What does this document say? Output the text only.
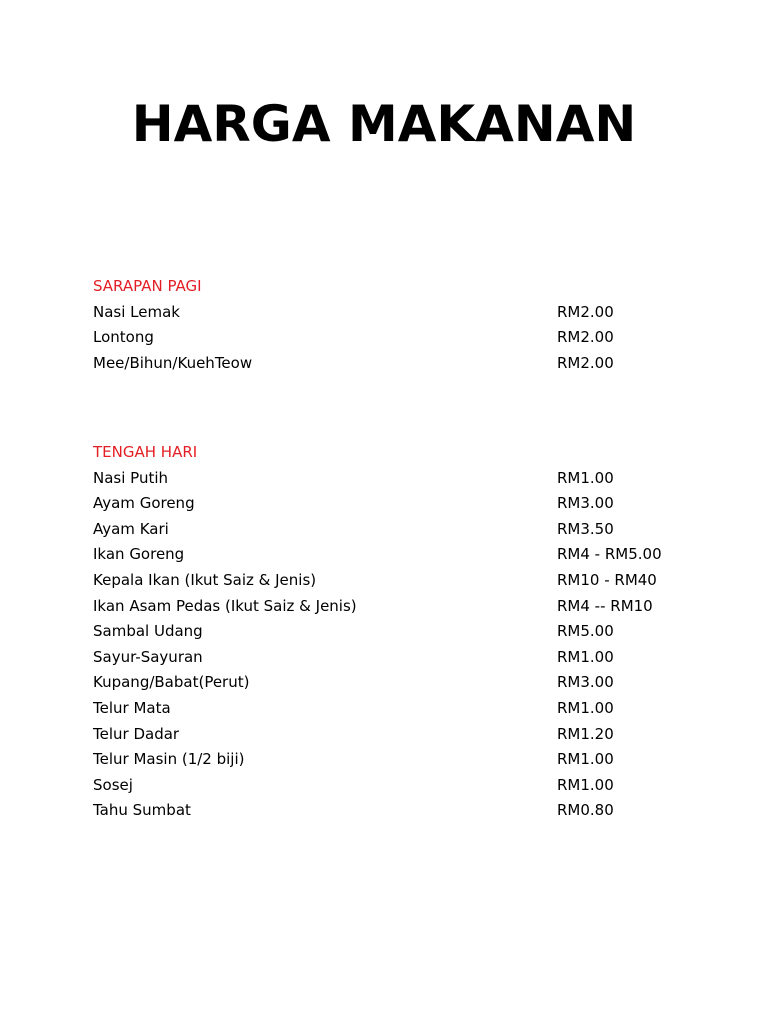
HARGA MAKANAN
SARAPAN PAGI
Nasi Lemak	RM2.00
Lontong	RM2.00
Mee/Bihun/KuehTeow	RM2.00
TENGAH HARI
Nasi Putih	RM1.00
Ayam Goreng	RM3.00
Ayam Kari	RM3.50
Ikan Goreng	RM4 - RM5.00
Kepala Ikan (Ikut Saiz & Jenis)	RM10 - RM40
Ikan Asam Pedas (Ikut Saiz & Jenis)	RM4 -- RM10
Sambal Udang	RM5.00
Sayur-Sayuran	RM1.00
Kupang/Babat(Perut)	RM3.00
Telur Mata	RM1.00
Telur Dadar	RM1.20
Telur Masin (1/2 biji)	RM1.00
Sosej	RM1.00
Tahu Sumbat	RM0.80
